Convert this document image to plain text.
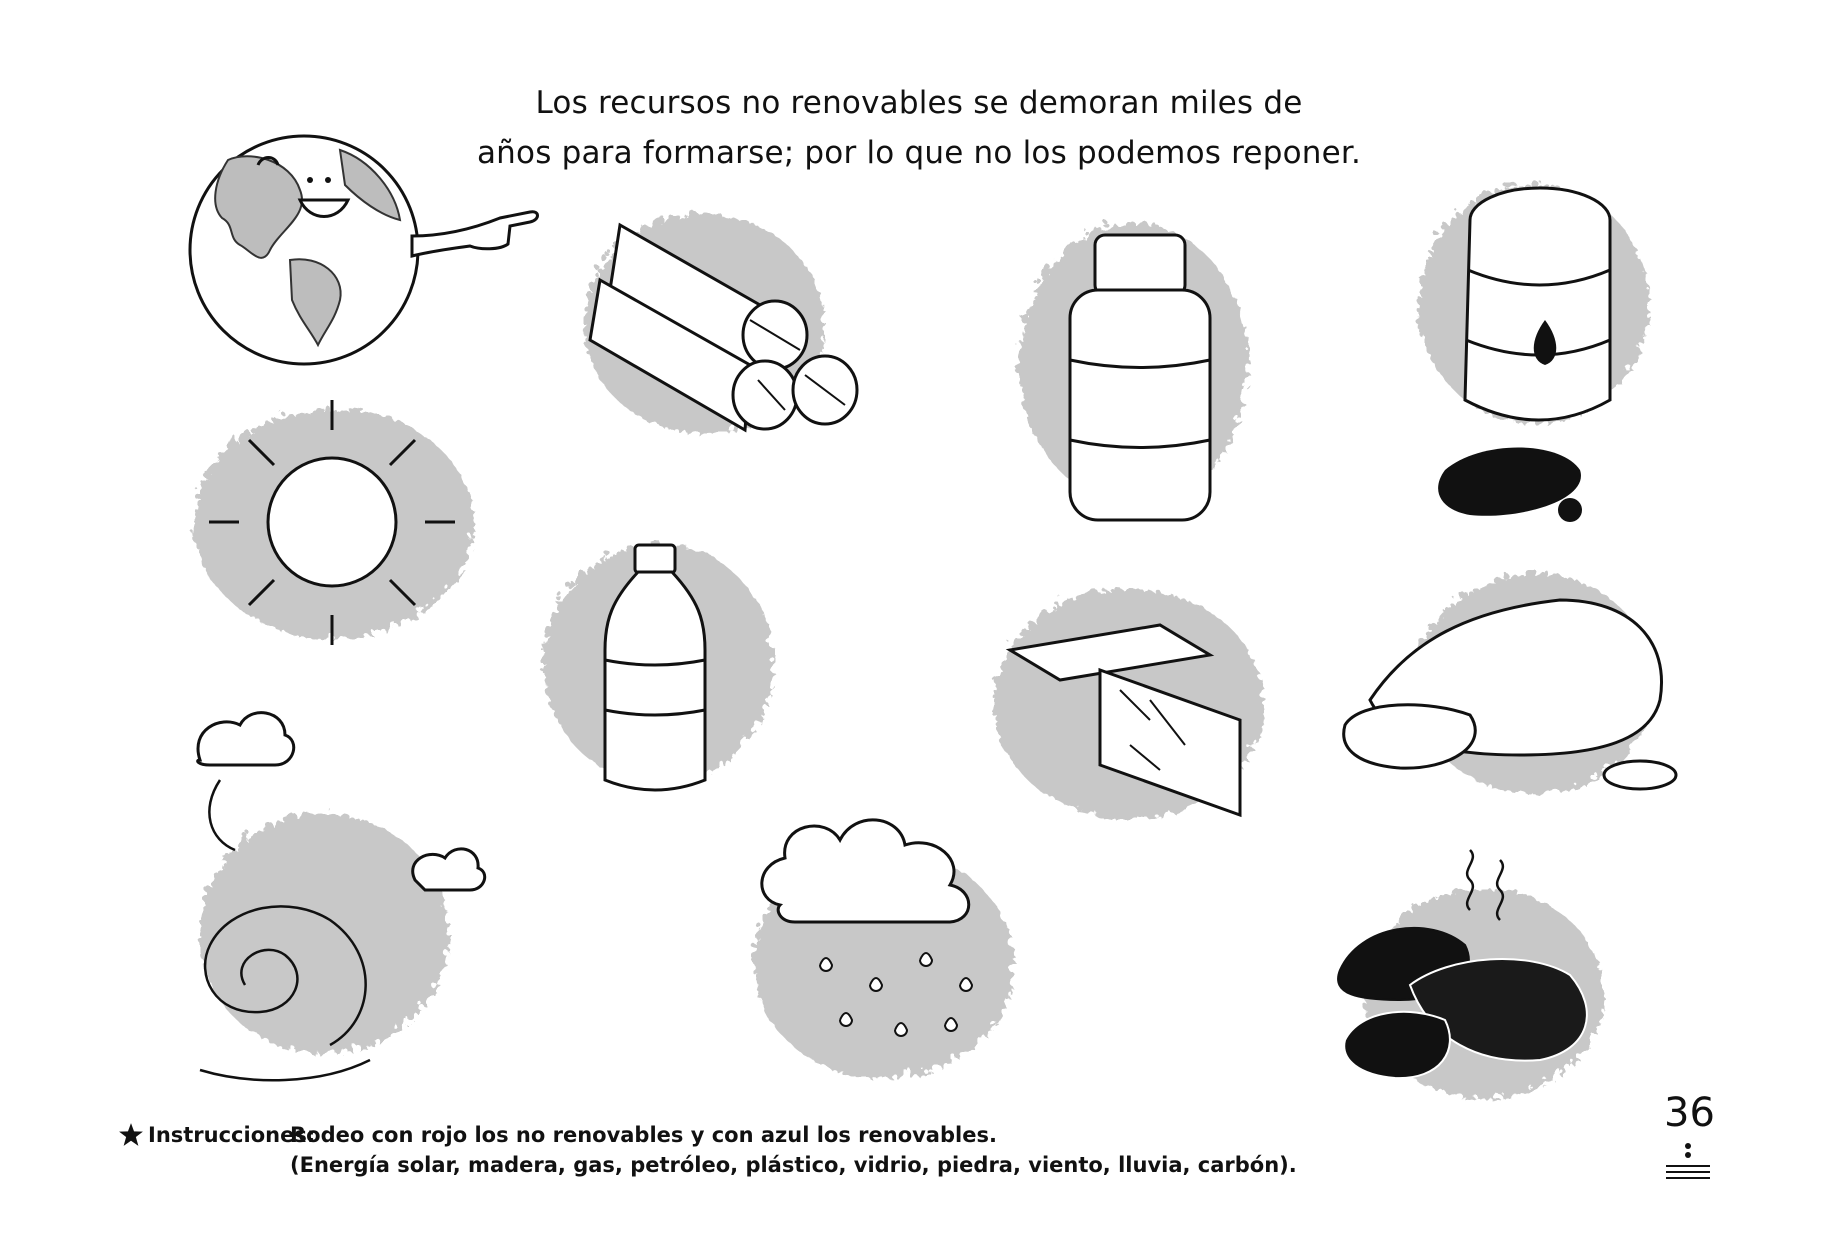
Los recursos no renovables se demoran miles de
años para formarse; por lo que no los podemos reponer.
Instrucciones:
Rodeo con rojo los no renovables y con azul los renovables.
(Energía solar, madera, gas, petróleo, plástico, vidrio, piedra, viento, lluvia, carbón).
36
